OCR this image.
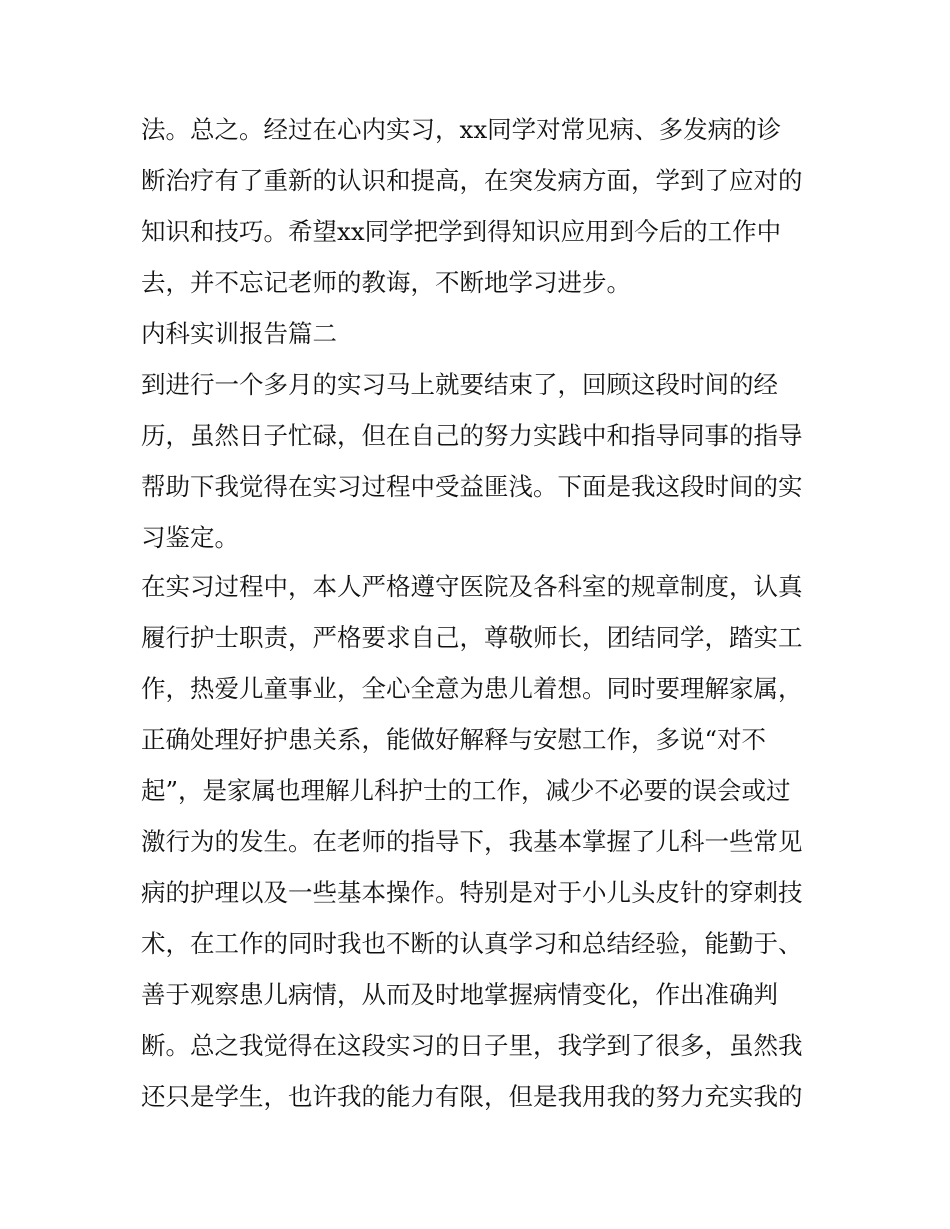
法。总之。经过在心内实习，xx同学对常见病、多发病的诊
断治疗有了重新的认识和提高，在突发病方面，学到了应对的
知识和技巧。希望xx同学把学到得知识应用到今后的工作中
去，并不忘记老师的教诲，不断地学习进步。
内科实训报告篇二
到进行一个多月的实习马上就要结束了，回顾这段时间的经
历，虽然日子忙碌，但在自己的努力实践中和指导同事的指导
帮助下我觉得在实习过程中受益匪浅。下面是我这段时间的实
习鉴定。
在实习过程中，本人严格遵守医院及各科室的规章制度，认真
履行护士职责，严格要求自己，尊敬师长，团结同学，踏实工
作，热爱儿童事业，全心全意为患儿着想。同时要理解家属，
正确处理好护患关系，能做好解释与安慰工作，多说“对不
起”，是家属也理解儿科护士的工作，减少不必要的误会或过
激行为的发生。在老师的指导下，我基本掌握了儿科一些常见
病的护理以及一些基本操作。特别是对于小儿头皮针的穿刺技
术，在工作的同时我也不断的认真学习和总结经验，能勤于、
善于观察患儿病情，从而及时地掌握病情变化，作出准确判
断。总之我觉得在这段实习的日子里，我学到了很多，虽然我
还只是学生，也许我的能力有限，但是我用我的努力充实我的
